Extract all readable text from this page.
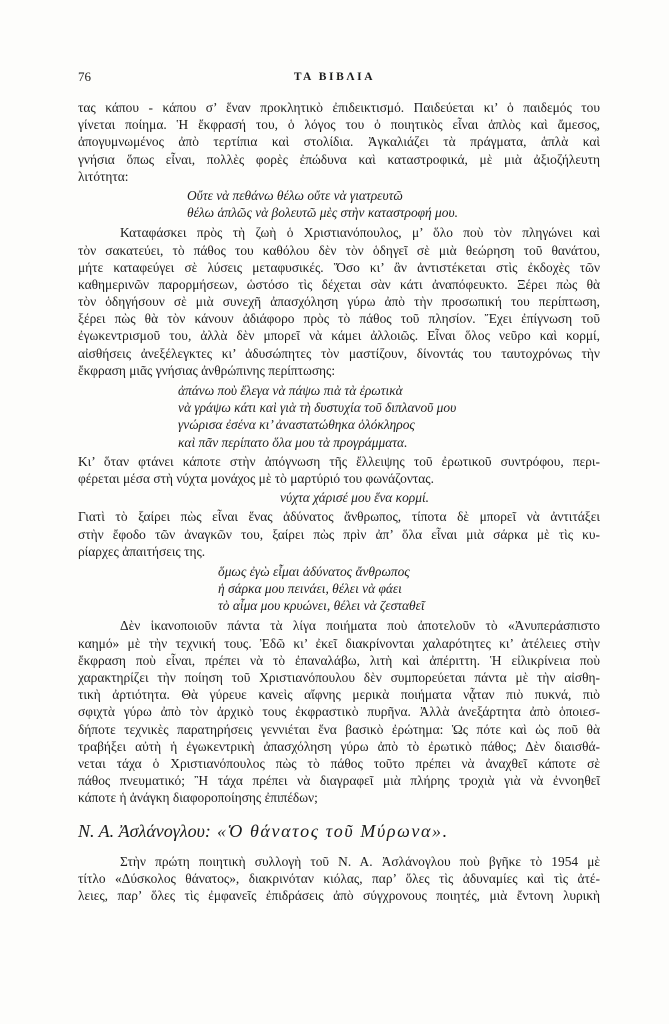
76	ΤΑ ΒΙΒΛΙΑ
τας κάπου - κάπου σ’ ἕναν προκλητικὸ ἐπιδεικτισμό. Παιδεύεται κι’ ὁ παιδεμός του
γίνεται ποίημα. Ἡ ἔκφρασή του, ὁ λόγος του ὁ ποιητικὸς εἶναι ἁπλὸς καὶ ἄμεσος,
ἀπογυμνωμένος ἀπὸ τερτίπια καὶ στολίδια. Ἀγκαλιάζει τὰ πράγματα, ἁπλὰ καὶ
γνήσια ὅπως εἶναι, πολλὲς φορὲς ἐπώδυνα καὶ καταστροφικά, μὲ μιὰ ἀξιοζήλευτη
λιτότητα:
Οὔτε νὰ πεθάνω θέλω οὔτε νὰ γιατρευτῶ
θέλω ἁπλῶς νὰ βολευτῶ μὲς στὴν καταστροφή μου.
Καταφάσκει πρὸς τὴ ζωὴ ὁ Χριστιανόπουλος, μ’ ὅλο ποὺ τὸν πληγώνει καὶ
τὸν σακατεύει, τὸ πάθος του καθόλου δὲν τὸν ὁδηγεῖ σὲ μιὰ θεώρηση τοῦ θανάτου,
μήτε καταφεύγει σὲ λύσεις μεταφυσικές. Ὅσο κι’ ἂν ἀντιστέκεται στὶς ἐκδοχὲς τῶν
καθημερινῶν παρορμήσεων, ὡστόσο τὶς δέχεται σὰν κάτι ἀναπόφευκτο. Ξέρει πὼς θὰ
τὸν ὁδηγήσουν σὲ μιὰ συνεχῆ ἀπασχόληση γύρω ἀπὸ τὴν προσωπική του περίπτωση,
ξέρει πὼς θὰ τὸν κάνουν ἀδιάφορο πρὸς τὸ πάθος τοῦ πλησίον. Ἔχει ἐπίγνωση τοῦ
ἐγωκεντρισμοῦ του, ἀλλὰ δὲν μπορεῖ νὰ κάμει ἀλλοιῶς. Εἶναι ὅλος νεῦρο καὶ κορμί,
αἰσθήσεις ἀνεξέλεγκτες κι’ ἀδυσώπητες τὸν μαστίζουν, δίνοντάς του ταυτοχρόνως τὴν
ἔκφραση μιᾶς γνήσιας ἀνθρώπινης περίπτωσης:
ἀπάνω ποὺ ἔλεγα νὰ πάψω πιὰ τὰ ἐρωτικὰ
νὰ γράψω κάτι καὶ γιὰ τὴ δυστυχία τοῦ διπλανοῦ μου
γνώρισα ἐσένα κι’ ἀναστατώθηκα ὁλόκληρος
καὶ πᾶν περίπατο ὅλα μου τὰ προγράμματα.
Κι’ ὅταν φτάνει κάποτε στὴν ἀπόγνωση τῆς ἔλλειψης τοῦ ἐρωτικοῦ συντρόφου, περι-
φέρεται μέσα στὴ νύχτα μονάχος μὲ τὸ μαρτύριό του φωνάζοντας.
νύχτα χάρισέ μου ἕνα κορμί.
Γιατὶ τὸ ξαίρει πὼς εἶναι ἕνας ἀδύνατος ἄνθρωπος, τίποτα δὲ μπορεῖ νὰ ἀντιτάξει
στὴν ἔφοδο τῶν ἀναγκῶν του, ξαίρει πὼς πρὶν ἀπ’ ὅλα εἶναι μιὰ σάρκα μὲ τὶς κυ-
ρίαρχες ἀπαιτήσεις της.
ὅμως ἐγὼ εἶμαι ἀδύνατος ἄνθρωπος
ἡ σάρκα μου πεινάει, θέλει νὰ φάει
τὸ αἷμα μου κρυώνει, θέλει νὰ ζεσταθεῖ
Δὲν ἱκανοποιοῦν πάντα τὰ λίγα ποιήματα ποὺ ἀποτελοῦν τὸ «Ἀνυπεράσπιστο
καημό» μὲ τὴν τεχνική τους. Ἐδῶ κι’ ἐκεῖ διακρίνονται χαλαρότητες κι’ ἀτέλειες στὴν
ἔκφραση ποὺ εἶναι, πρέπει νὰ τὸ ἐπαναλάβω, λιτὴ καὶ ἀπέριττη. Ἡ εἰλικρίνεια ποὺ
χαρακτηρίζει τὴν ποίηση τοῦ Χριστιανόπουλου δὲν συμπορεύεται πάντα μὲ τὴν αἰσθη-
τικὴ ἀρτιότητα. Θὰ γύρευε κανεὶς αἴφνης μερικὰ ποιήματα νᾆταν πιὸ πυκνά, πιὸ
σφιχτὰ γύρω ἀπὸ τὸν ἀρχικὸ τους ἐκφραστικὸ πυρῆνα. Ἀλλὰ ἀνεξάρτητα ἀπὸ ὁποιεσ-
δήποτε τεχνικὲς παρατηρήσεις γεννιέται ἕνα βασικὸ ἐρώτημα: Ὡς πότε καὶ ὡς ποῦ θὰ
τραβήξει αὐτὴ ἡ ἐγωκεντρικὴ ἀπασχόληση γύρω ἀπὸ τὸ ἐρωτικὸ πάθος; Δὲν διαισθά-
νεται τάχα ὁ Χριστιανόπουλος πὼς τὸ πάθος τοῦτο πρέπει νὰ ἀναχθεῖ κάποτε σὲ
πάθος πνευματικό; Ἢ τάχα πρέπει νὰ διαγραφεῖ μιὰ πλήρης τροχιὰ γιὰ νὰ ἐννοηθεῖ
κάποτε ἡ ἀνάγκη διαφοροποίησης ἐπιπέδων;
Ν. Α. Ἀσλάνογλου: «Ὁ θάνατος τοῦ Μύρωνα».
Στὴν πρώτη ποιητικὴ συλλογὴ τοῦ Ν. Α. Ἀσλάνογλου ποὺ βγῆκε τὸ 1954 μὲ
τίτλο «Δύσκολος θάνατος», διακρινόταν κιόλας, παρ’ ὅλες τὶς ἀδυναμίες καὶ τὶς ἀτέ-
λειες, παρ’ ὅλες τὶς ἐμφανεῖς ἐπιδράσεις ἀπὸ σύγχρονους ποιητές, μιὰ ἔντονη λυρικὴ
